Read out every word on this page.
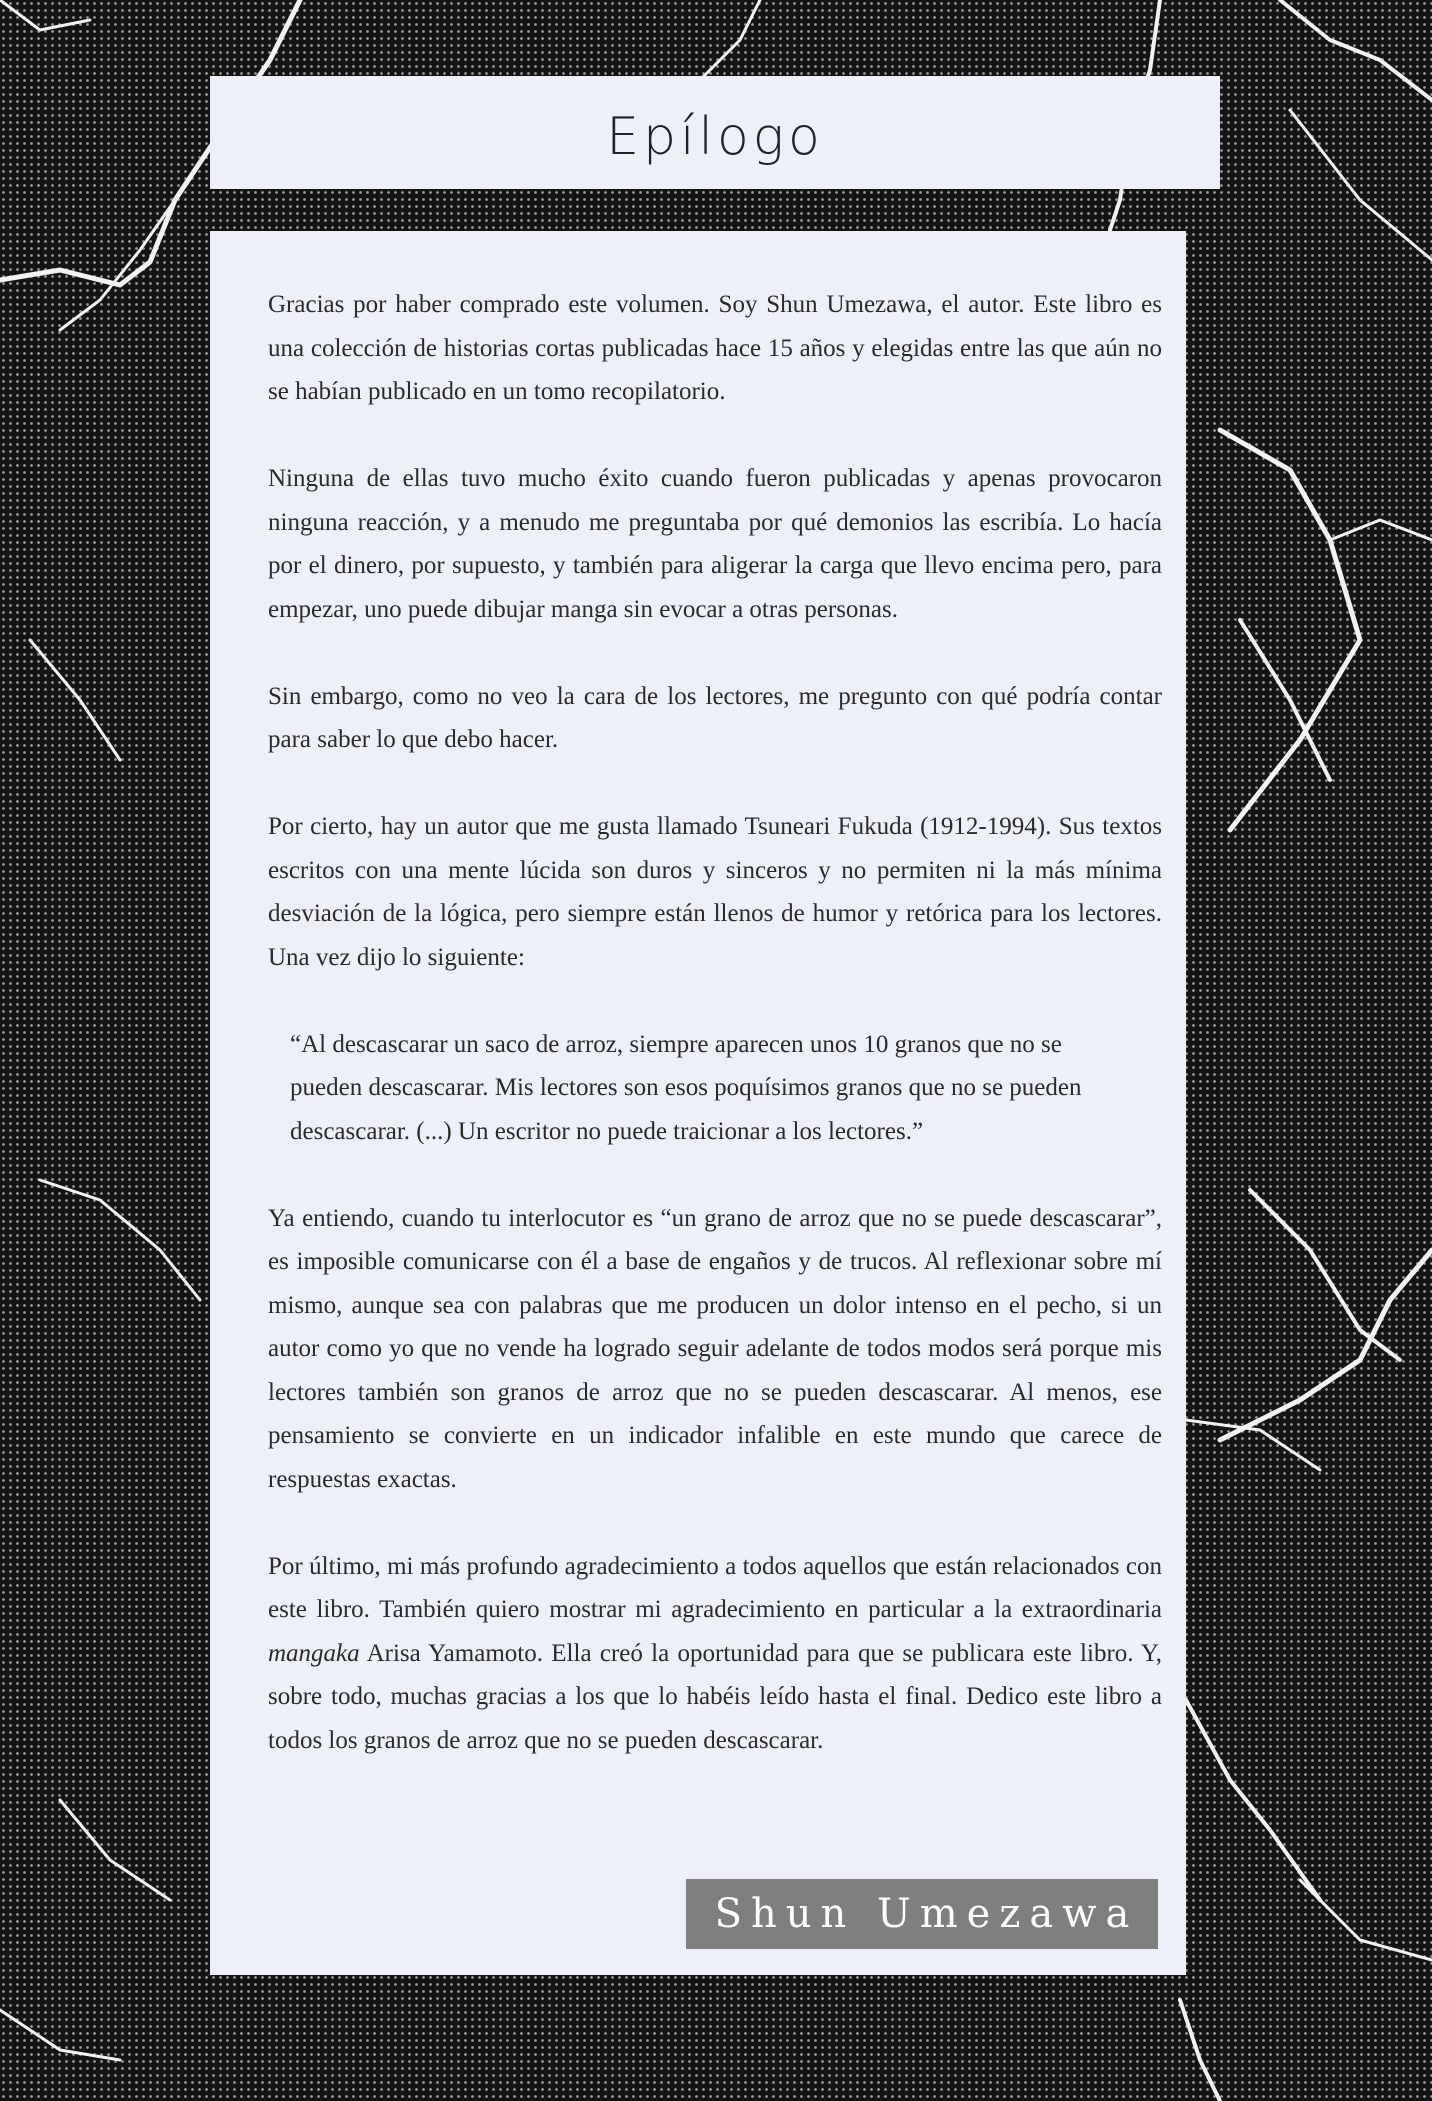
Epílogo

Gracias por haber comprado este volumen. Soy Shun Umezawa, el autor. Este libro es una colección de historias cortas publicadas hace 15 años y elegidas entre las que aún no se habían publicado en un tomo recopilatorio.

Ninguna de ellas tuvo mucho éxito cuando fueron publicadas y apenas provocaron ninguna reacción, y a menudo me preguntaba por qué demonios las escribía. Lo hacía por el dinero, por supuesto, y también para aligerar la carga que llevo encima pero, para empezar, uno puede dibujar manga sin evocar a otras personas.

Sin embargo, como no veo la cara de los lectores, me pregunto con qué podría contar para saber lo que debo hacer.

Por cierto, hay un autor que me gusta llamado Tsuneari Fukuda (1912-1994). Sus textos escritos con una mente lúcida son duros y sinceros y no permiten ni la más mínima desviación de la lógica, pero siempre están llenos de humor y retórica para los lectores. Una vez dijo lo siguiente:

“Al descascarar un saco de arroz, siempre aparecen unos 10 granos que no se pueden descascarar. Mis lectores son esos poquísimos granos que no se pueden descascarar. (...) Un escritor no puede traicionar a los lectores.”

Ya entiendo, cuando tu interlocutor es “un grano de arroz que no se puede descascarar”, es imposible comunicarse con él a base de engaños y de trucos. Al reflexionar sobre mí mismo, aunque sea con palabras que me producen un dolor intenso en el pecho, si un autor como yo que no vende ha logrado seguir adelante de todos modos será porque mis lectores también son granos de arroz que no se pueden descascarar. Al menos, ese pensamiento se convierte en un indicador infalible en este mundo que carece de respuestas exactas.

Por último, mi más profundo agradecimiento a todos aquellos que están relacionados con este libro. También quiero mostrar mi agradecimiento en particular a la extraordinaria mangaka Arisa Yamamoto. Ella creó la oportunidad para que se publicara este libro. Y, sobre todo, muchas gracias a los que lo habéis leído hasta el final. Dedico este libro a todos los granos de arroz que no se pueden descascarar.

Shun Umezawa
